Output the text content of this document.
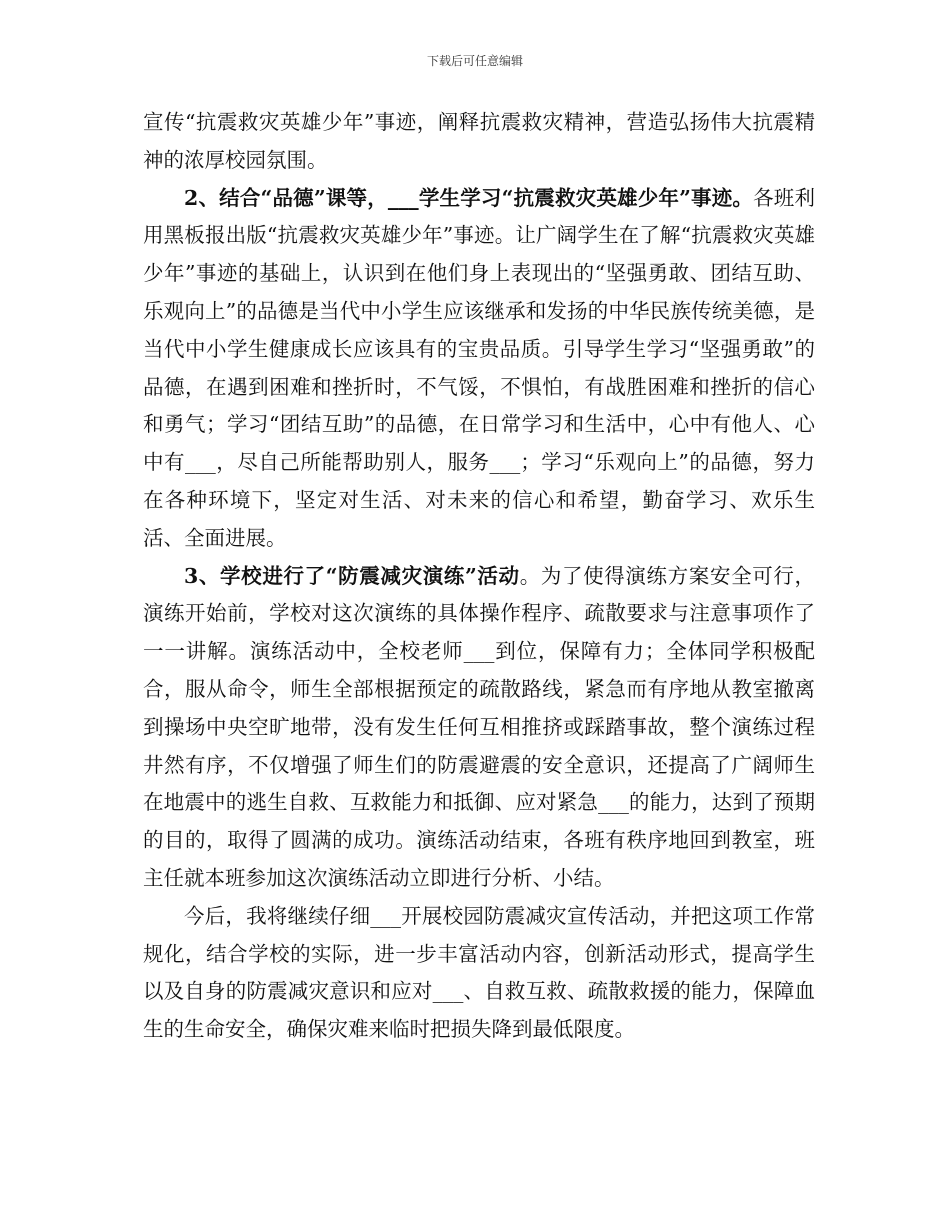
下载后可任意编辑

宣传“抗震救灾英雄少年”事迹，阐释抗震救灾精神，营造弘扬伟大抗震精神的浓厚校园氛围。

2、结合“品德”课等，___学生学习“抗震救灾英雄少年”事迹。各班利用黑板报出版“抗震救灾英雄少年”事迹。让广阔学生在了解“抗震救灾英雄少年”事迹的基础上，认识到在他们身上表现出的“坚强勇敢、团结互助、乐观向上”的品德是当代中小学生应该继承和发扬的中华民族传统美德，是当代中小学生健康成长应该具有的宝贵品质。引导学生学习“坚强勇敢”的品德，在遇到困难和挫折时，不气馁，不惧怕，有战胜困难和挫折的信心和勇气；学习“团结互助”的品德，在日常学习和生活中，心中有他人、心中有___，尽自己所能帮助别人，服务___；学习“乐观向上”的品德，努力在各种环境下，坚定对生活、对未来的信心和希望，勤奋学习、欢乐生活、全面进展。

3、学校进行了“防震减灾演练”活动。为了使得演练方案安全可行，演练开始前，学校对这次演练的具体操作程序、疏散要求与注意事项作了一一讲解。演练活动中，全校老师___到位，保障有力；全体同学积极配合，服从命令，师生全部根据预定的疏散路线，紧急而有序地从教室撤离到操场中央空旷地带，没有发生任何互相推挤或踩踏事故，整个演练过程井然有序，不仅增强了师生们的防震避震的安全意识，还提高了广阔师生在地震中的逃生自救、互救能力和抵御、应对紧急___的能力，达到了预期的目的，取得了圆满的成功。演练活动结束，各班有秩序地回到教室，班主任就本班参加这次演练活动立即进行分析、小结。

今后，我将继续仔细___开展校园防震减灾宣传活动，并把这项工作常规化，结合学校的实际，进一步丰富活动内容，创新活动形式，提高学生以及自身的防震减灾意识和应对___、自救互救、疏散救援的能力，保障血生的生命安全，确保灾难来临时把损失降到最低限度。
